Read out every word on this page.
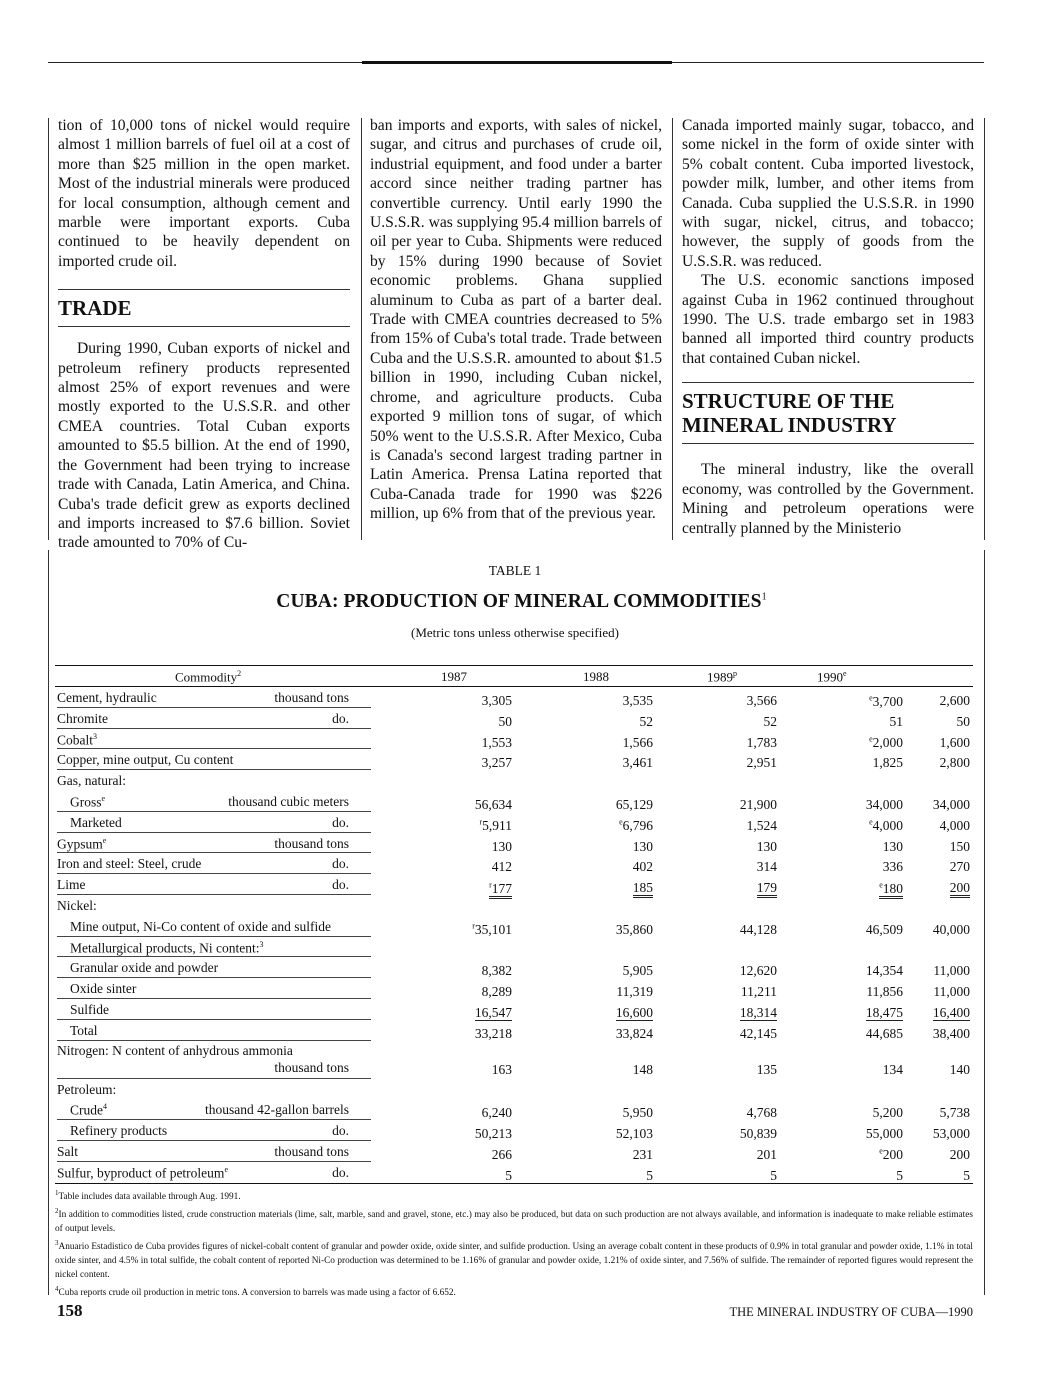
tion of 10,000 tons of nickel would require almost 1 million barrels of fuel oil at a cost of more than $25 million in the open market. Most of the industrial minerals were produced for local consumption, although cement and marble were important exports. Cuba continued to be heavily dependent on imported crude oil.

TRADE

During 1990, Cuban exports of nickel and petroleum refinery products represented almost 25% of export revenues and were mostly exported to the U.S.S.R. and other CMEA countries. Total Cuban exports amounted to $5.5 billion. At the end of 1990, the Government had been trying to increase trade with Canada, Latin America, and China. Cuba's trade deficit grew as exports declined and imports increased to $7.6 billion. Soviet trade amounted to 70% of Cu-

ban imports and exports, with sales of nickel, sugar, and citrus and purchases of crude oil, industrial equipment, and food under a barter accord since neither trading partner has convertible currency. Until early 1990 the U.S.S.R. was supplying 95.4 million barrels of oil per year to Cuba. Shipments were reduced by 15% during 1990 because of Soviet economic problems. Ghana supplied aluminum to Cuba as part of a barter deal. Trade with CMEA countries decreased to 5% from 15% of Cuba's total trade. Trade between Cuba and the U.S.S.R. amounted to about $1.5 billion in 1990, including Cuban nickel, chrome, and agriculture products. Cuba exported 9 million tons of sugar, of which 50% went to the U.S.S.R. After Mexico, Cuba is Canada's second largest trading partner in Latin America. Prensa Latina reported that Cuba-Canada trade for 1990 was $226 million, up 6% from that of the previous year.

Canada imported mainly sugar, tobacco, and some nickel in the form of oxide sinter with 5% cobalt content. Cuba imported livestock, powder milk, lumber, and other items from Canada. Cuba supplied the U.S.S.R. in 1990 with sugar, nickel, citrus, and tobacco; however, the supply of goods from the U.S.S.R. was reduced.

The U.S. economic sanctions imposed against Cuba in 1962 continued throughout 1990. The U.S. trade embargo set in 1983 banned all imported third country products that contained Cuban nickel.

STRUCTURE OF THE MINERAL INDUSTRY

The mineral industry, like the overall economy, was controlled by the Government. Mining and petroleum operations were centrally planned by the Ministerio

TABLE 1
CUBA: PRODUCTION OF MINERAL COMMODITIES$^1$
(Metric tons unless otherwise specified)
Commodity$^2$	1987	1988	1989$^p$	1990e
Cement, hydraulic	thousand tons	3,305	3,535	3,566	$^e$3,700	2,600
Chromite	do.	50	52	52	51	50
Cobalt$^3$	1,553	1,566	1,783	$^e$2,000	1,600
Copper, mine output, Cu content	3,257	3,461	2,951	1,825	2,800
Gas, natural:
Gross$^e$	thousand cubic meters	56,634	65,129	21,900	34,000	34,000
Marketed	do.	$^r$5,911	$^e$6,796	1,524	$^e$4,000	4,000
Gypsum$^e$	thousand tons	130	130	130	130	150
Iron and steel: Steel, crude	do.	412	402	314	336	270
Lime	do.	$^r$177	185	179	$^e$180	200
Nickel:
Mine output, Ni-Co content of oxide and sulfide	$^r$35,101	35,860	44,128	46,509	40,000
Metallurgical products, Ni content:$^3$
Granular oxide and powder	8,382	5,905	12,620	14,354	11,000
Oxide sinter	8,289	11,319	11,211	11,856	11,000
Sulfide	16,547	16,600	18,314	18,475	16,400
Total	33,218	33,824	42,145	44,685	38,400
Nitrogen: N content of anhydrous ammonia
thousand tons	163	148	135	134	140
Petroleum:
Crude$^4$	thousand 42-gallon barrels	6,240	5,950	4,768	5,200	5,738
Refinery products	do.	50,213	52,103	50,839	55,000	53,000
Salt	thousand tons	266	231	201	$^e$200	200
Sulfur, byproduct of petroleum$^e$	do.	5	5	5	5	5

$^1$Table includes data available through Aug. 1991.

$^2$In addition to commodities listed, crude construction materials (lime, salt, marble, sand and gravel, stone, etc.) may also be produced, but data on such production are not always available, and information is inadequate to make reliable estimates of output levels.

$^3$Anuario Estadistico de Cuba provides figures of nickel-cobalt content of granular and powder oxide, oxide sinter, and sulfide production. Using an average cobalt content in these products of 0.9% in total granular and powder oxide, 1.1% in total oxide sinter, and 4.5% in total sulfide, the cobalt content of reported Ni-Co production was determined to be 1.16% of granular and powder oxide, 1.21% of oxide sinter, and 7.56% of sulfide. The remainder of reported figures would represent the nickel content.

$^4$Cuba reports crude oil production in metric tons. A conversion to barrels was made using a factor of 6.652.

158	THE MINERAL INDUSTRY OF CUBA—1990
